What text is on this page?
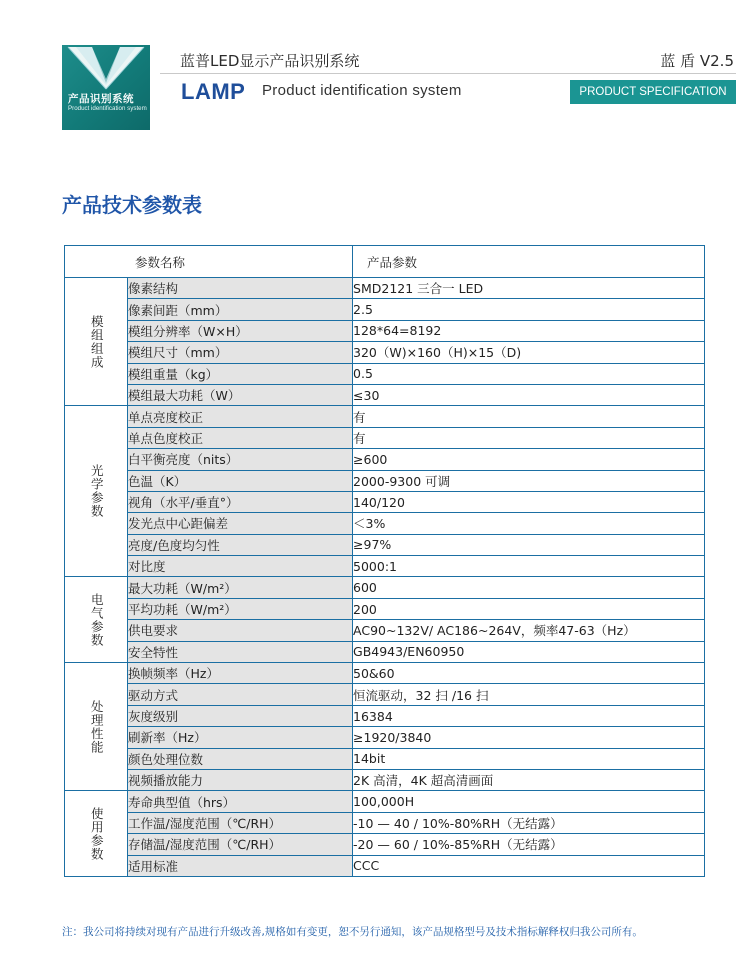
产品识别系统
Product identification system
蓝普LED显示产品识别系统	蓝 盾 V2.5
LAMP Product identification system	PRODUCT SPECIFICATION
产品技术参数表
参数名称		产品参数

模组组成	像素结构	SMD2121 三合一 LED
	像素间距（mm）	2.5
	模组分辨率（W×H）	128*64=8192
	模组尺寸（mm）	320（W)×160（H)×15（D)
	模组重量（kg）	0.5
	模组最大功耗（W）	≤30

光学参数	单点亮度校正	有
	单点色度校正	有
	白平衡亮度（nits）	≥600
	色温（K）	2000-9300 可调
	视角（水平/垂直°）	140/120
	发光点中心距偏差	＜3%
	亮度/色度均匀性	≥97%
	对比度	5000:1

电气参数	最大功耗（W/m²）	600
	平均功耗（W/m²）	200
	供电要求	AC90~132V/ AC186~264V，频率47-63（Hz）
	安全特性	GB4943/EN60950

处理性能	换帧频率（Hz）	50&60
	驱动方式	恒流驱动，32 扫 /16 扫
	灰度级别	16384
	刷新率（Hz）	≥1920/3840
	颜色处理位数	14bit
	视频播放能力	2K 高清，4K 超高清画面

使用参数	寿命典型值（hrs）	100,000H
	工作温/湿度范围（℃/RH）	-10 — 40 / 10%-80%RH（无结露）
	存储温/湿度范围（℃/RH）	-20 — 60 / 10%-85%RH（无结露）
	适用标准	CCC
注：我公司将持续对现有产品进行升级改善,规格如有变更，恕不另行通知，该产品规格型号及技术指标解释权归我公司所有。
